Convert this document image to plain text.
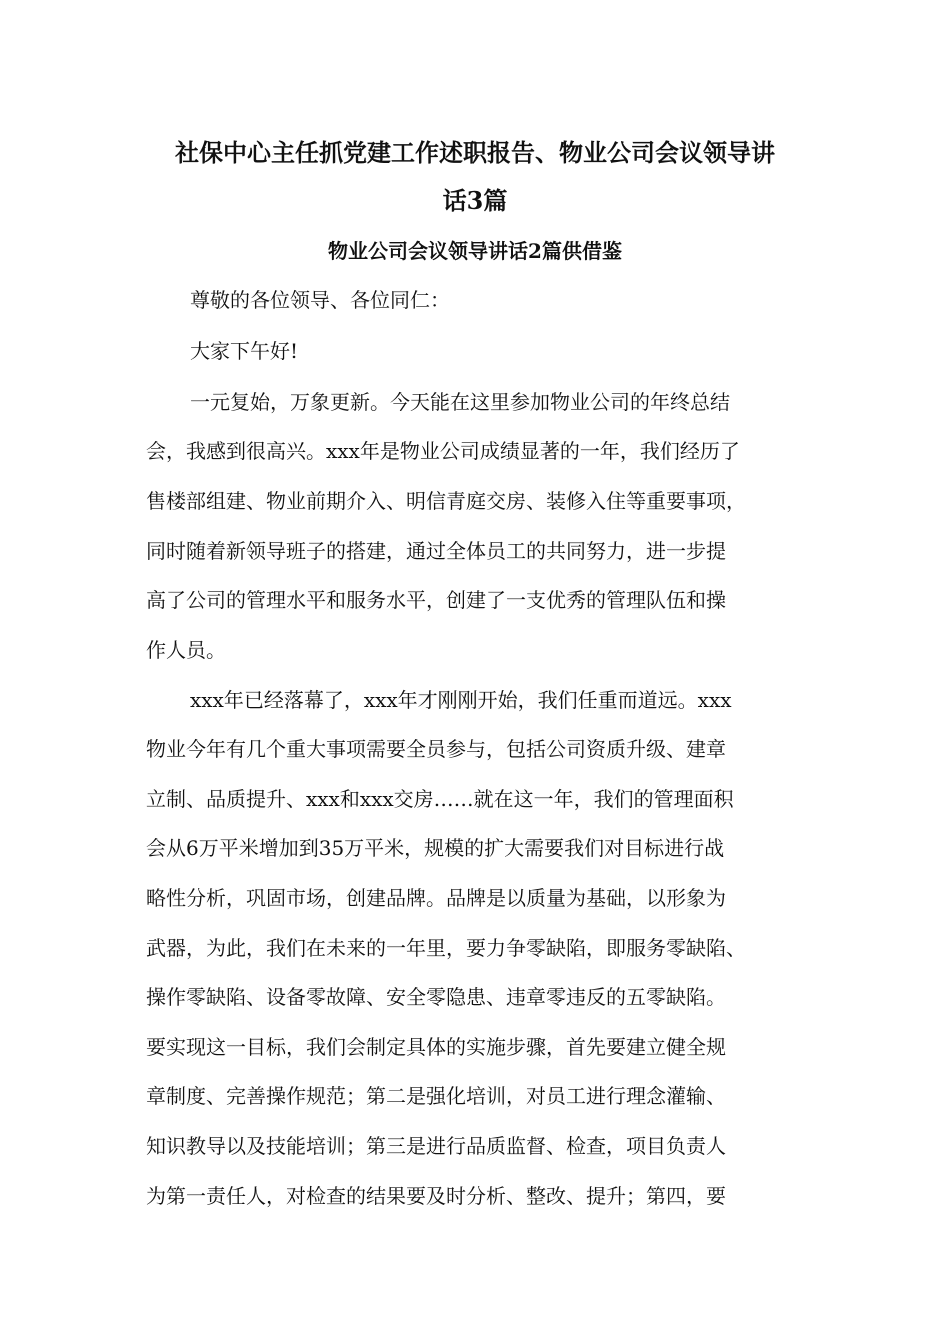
社保中心主任抓党建工作述职报告、物业公司会议领导讲
话3篇
物业公司会议领导讲话2篇供借鉴

尊敬的各位领导、各位同仁：

大家下午好!

一元复始，万象更新。今天能在这里参加物业公司的年终总结

会，我感到很高兴。xxx年是物业公司成绩显著的一年，我们经历了

售楼部组建、物业前期介入、明信青庭交房、装修入住等重要事项，

同时随着新领导班子的搭建，通过全体员工的共同努力，进一步提

高了公司的管理水平和服务水平，创建了一支优秀的管理队伍和操

作人员。

xxx年已经落幕了，xxx年才刚刚开始，我们任重而道远。xxx

物业今年有几个重大事项需要全员参与，包括公司资质升级、建章

立制、品质提升、xxx和xxx交房……就在这一年，我们的管理面积

会从6万平米增加到35万平米，规模的扩大需要我们对目标进行战

略性分析，巩固市场，创建品牌。品牌是以质量为基础，以形象为

武器，为此，我们在未来的一年里，要力争零缺陷，即服务零缺陷、

操作零缺陷、设备零故障、安全零隐患、违章零违反的五零缺陷。

要实现这一目标，我们会制定具体的实施步骤，首先要建立健全规

章制度、完善操作规范；第二是强化培训，对员工进行理念灌输、

知识教导以及技能培训；第三是进行品质监督、检查，项目负责人

为第一责任人，对检查的结果要及时分析、整改、提升；第四，要
